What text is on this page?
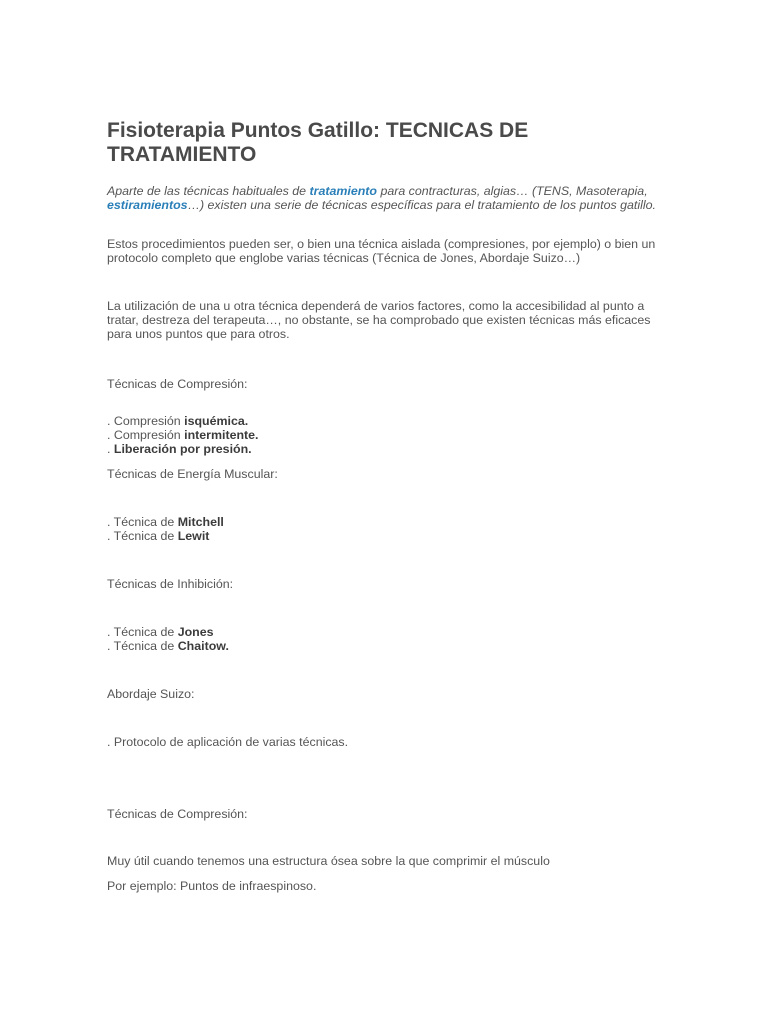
Fisioterapia Puntos Gatillo: TECNICAS DE TRATAMIENTO

Aparte de las técnicas habituales de tratamiento para contracturas, algias… (TENS, Masoterapia, estiramientos…) existen una serie de técnicas específicas para el tratamiento de los puntos gatillo.

Estos procedimientos pueden ser, o bien una técnica aislada (compresiones, por ejemplo) o bien un protocolo completo que englobe varias técnicas (Técnica de Jones, Abordaje Suizo…)

La utilización de una u otra técnica dependerá de varios factores, como la accesibilidad al punto a tratar, destreza del terapeuta…, no obstante, se ha comprobado que existen técnicas más eficaces para unos puntos que para otros.

Técnicas de Compresión:

. Compresión isquémica.
. Compresión intermitente.
. Liberación por presión.

Técnicas de Energía Muscular:

. Técnica de Mitchell
. Técnica de Lewit

Técnicas de Inhibición:

. Técnica de Jones
. Técnica de Chaitow.

Abordaje Suizo:

. Protocolo de aplicación de varias técnicas.

Técnicas de Compresión:

Muy útil cuando tenemos una estructura ósea sobre la que comprimir el músculo

Por ejemplo: Puntos de infraespinoso.
